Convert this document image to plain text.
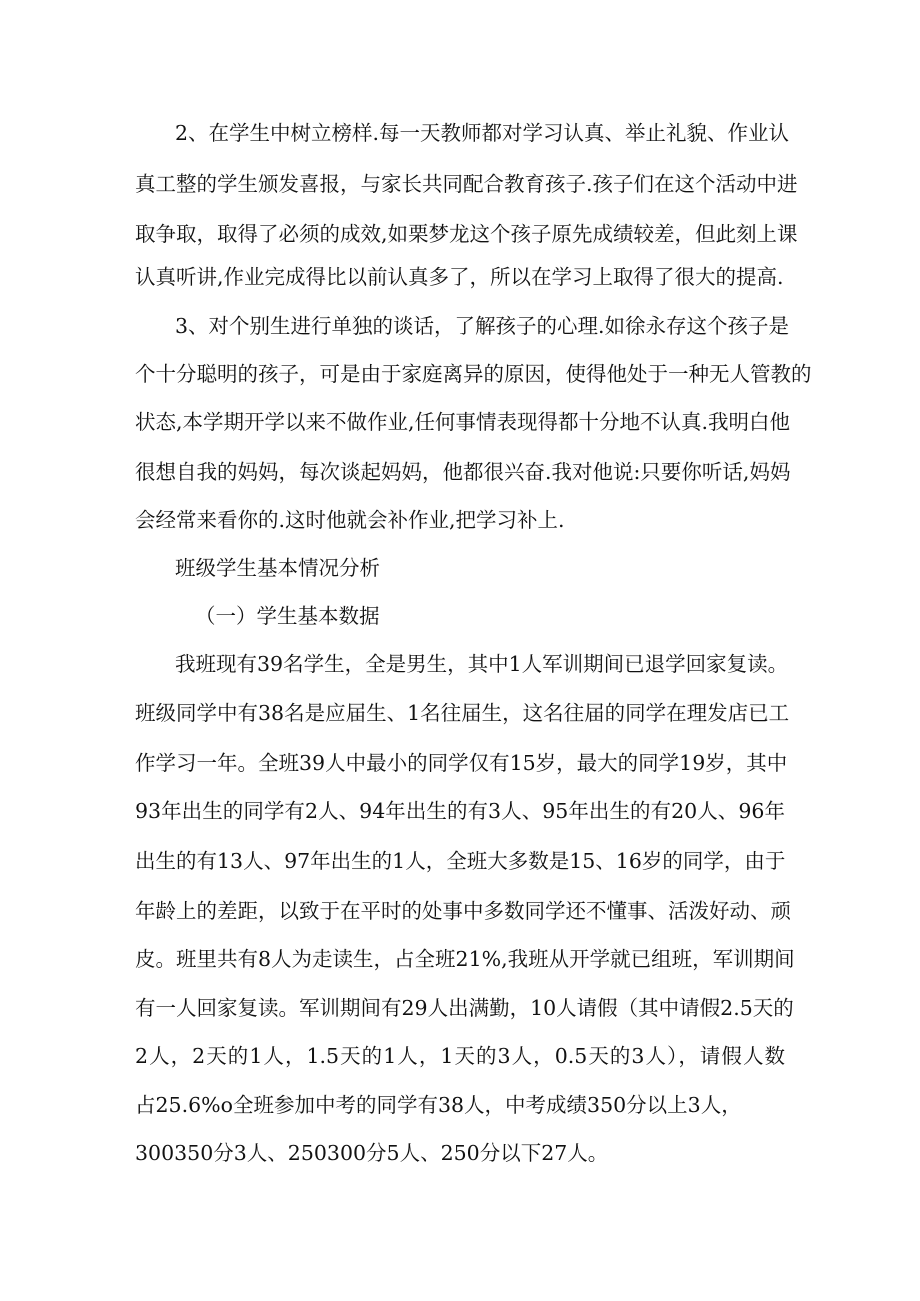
2、在学生中树立榜样.每一天教师都对学习认真、举止礼貌、作业认

真工整的学生颁发喜报，与家长共同配合教育孩子.孩子们在这个活动中进

取争取，取得了必须的成效,如栗梦龙这个孩子原先成绩较差，但此刻上课

认真听讲,作业完成得比以前认真多了，所以在学习上取得了很大的提高.

3、对个别生进行单独的谈话，了解孩子的心理.如徐永存这个孩子是

个十分聪明的孩子，可是由于家庭离异的原因，使得他处于一种无人管教的

状态,本学期开学以来不做作业,任何事情表现得都十分地不认真.我明白他

很想自我的妈妈，每次谈起妈妈，他都很兴奋.我对他说:只要你听话,妈妈

会经常来看你的.这时他就会补作业,把学习补上.

班级学生基本情况分析

（一）学生基本数据

我班现有39名学生，全是男生，其中1人军训期间已退学回家复读。

班级同学中有38名是应届生、1名往届生，这名往届的同学在理发店已工

作学习一年。全班39人中最小的同学仅有15岁，最大的同学19岁，其中

93年出生的同学有2人、94年出生的有3人、95年出生的有20人、96年

出生的有13人、97年出生的1人，全班大多数是15、16岁的同学，由于

年龄上的差距，以致于在平时的处事中多数同学还不懂事、活泼好动、顽

皮。班里共有8人为走读生，占全班21%,我班从开学就已组班，军训期间

有一人回家复读。军训期间有29人出满勤，10人请假（其中请假2.5天的

2人，2天的1人，1.5天的1人，1天的3人，0.5天的3人），请假人数

占25.6%o全班参加中考的同学有38人，中考成绩350分以上3人，

300350分3人、250300分5人、250分以下27人。
